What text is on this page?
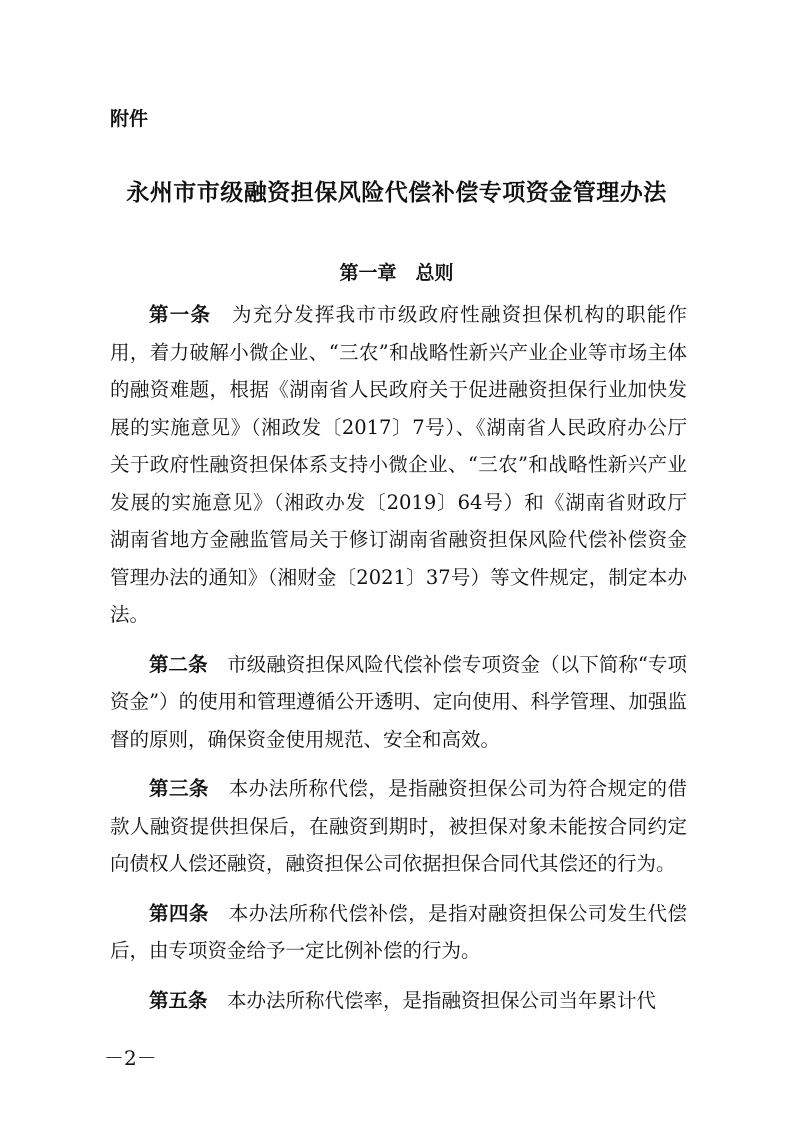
附件

永州市市级融资担保风险代偿补偿专项资金管理办法
第一章　总则

第一条　 为充分发挥我市市级政府性融资担保机构的职能作用，着力破解小微企业、“三农”和战略性新兴产业企业等市场主体的融资难题，根据《湖南省人民政府关于促进融资担保行业加快发展的实施意见》（湘政发〔2017〕7号）、《湖南省人民政府办公厅关于政府性融资担保体系支持小微企业、“三农”和战略性新兴产业发展的实施意见》（湘政办发〔2019〕64号）和《湖南省财政厅 湖南省地方金融监管局关于修订湖南省融资担保风险代偿补偿资金管理办法的通知》（湘财金〔2021〕37号）等文件规定，制定本办法。

第二条　 市级融资担保风险代偿补偿专项资金（以下简称“专项资金”）的使用和管理遵循公开透明、定向使用、科学管理、加强监督的原则，确保资金使用规范、安全和高效。

第三条　 本办法所称代偿，是指融资担保公司为符合规定的借款人融资提供担保后，在融资到期时，被担保对象未能按合同约定向债权人偿还融资，融资担保公司依据担保合同代其偿还的行为。

第四条　 本办法所称代偿补偿，是指对融资担保公司发生代偿后，由专项资金给予一定比例补偿的行为。

第五条　 本办法所称代偿率，是指融资担保公司当年累计代

－2－
